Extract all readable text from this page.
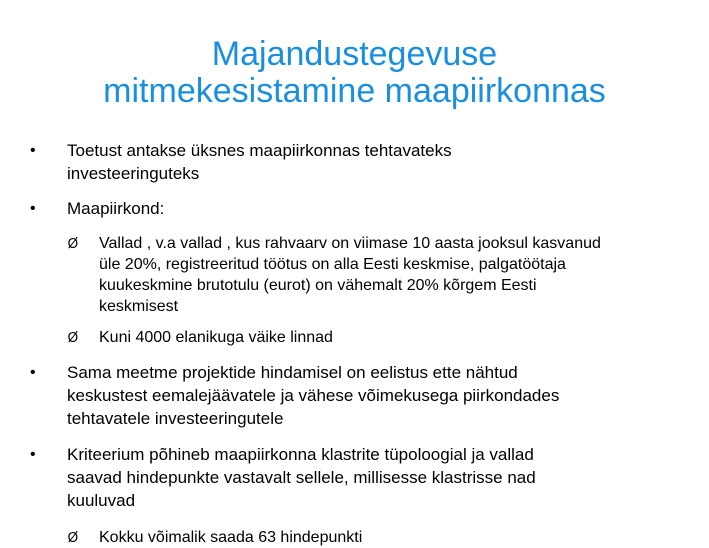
Majandustegevuse
mitmekesistamine maapiirkonnas
• Toetust antakse üksnes maapiirkonnas tehtavateks
investeeringuteks
• Maapiirkond:
Ø Vallad , v.a vallad , kus rahvaarv on viimase 10 aasta jooksul kasvanud
üle 20%, registreeritud töötus on alla Eesti keskmise, palgatöötaja
kuukeskmine brutotulu (eurot) on vähemalt 20% kõrgem Eesti
keskmisest
Ø Kuni 4000 elanikuga väike linnad
• Sama meetme projektide hindamisel on eelistus ette nähtud
keskustest eemalejäävatele ja vähese võimekusega piirkondades
tehtavatele investeeringutele
• Kriteerium põhineb maapiirkonna klastrite tüpoloogial ja vallad
saavad hindepunkte vastavalt sellele, millisesse klastrisse nad
kuuluvad
Ø Kokku võimalik saada 63 hindepunkti
